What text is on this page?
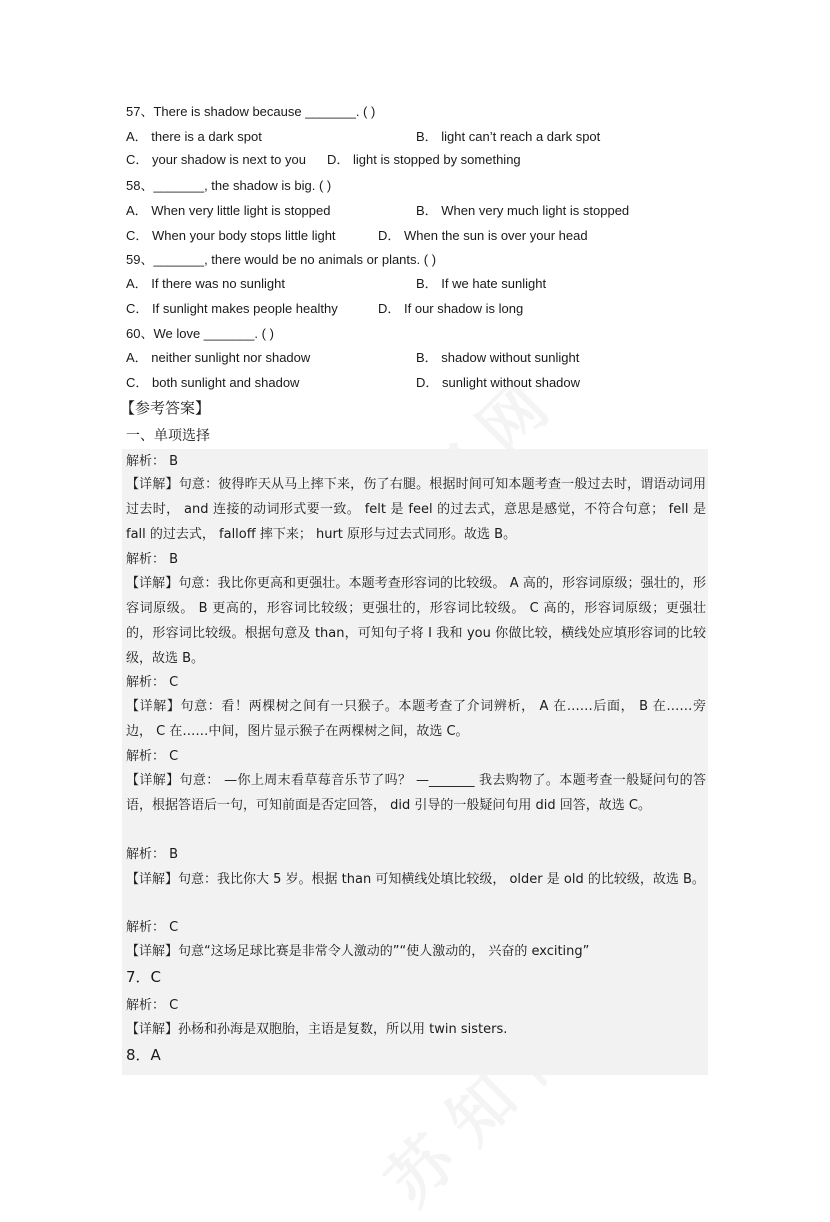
57、There is shadow because _______. ( )
A． there is a dark spot	B． light can’t reach a dark spot
C． your shadow is next to you D． light is stopped by something
58、_______, the shadow is big. ( )
A． When very little light is stopped	B． When very much light is stopped
C． When your body stops little light	D． When the sun is over your head
59、_______, there would be no animals or plants. ( )
A． If there was no sunlight	B． If we hate sunlight
C． If sunlight makes people healthy	D． If our shadow is long
60、We love _______. ( )
A． neither sunlight nor shadow	B． shadow without sunlight
C． both sunlight and shadow	D． sunlight without shadow
【参考答案】
一、单项选择
解析： B
【详解】句意：彼得昨天从马上摔下来，伤了右腿。根据时间可知本题考查一般过去时，谓语动词用过去时， and 连接的动词形式要一致。 felt 是 feel 的过去式，意思是感觉，不符合句意； fell 是 fall 的过去式， falloff 摔下来； hurt 原形与过去式同形。故选 B。
解析： B
【详解】句意：我比你更高和更强壮。本题考查形容词的比较级。 A 高的，形容词原级；强壮的，形容词原级。 B 更高的，形容词比较级；更强壮的，形容词比较级。 C 高的，形容词原级；更强壮的，形容词比较级。根据句意及 than，可知句子将 I 我和 you 你做比较，横线处应填形容词的比较级，故选 B。
解析： C
【详解】句意：看！两棵树之间有一只猴子。本题考查了介词辨析， A 在……后面， B 在……旁边， C 在……中间，图片显示猴子在两棵树之间，故选 C。
解析： C
【详解】句意： —你上周末看草莓音乐节了吗？ —_______ 我去购物了。本题考查一般疑问句的答语，根据答语后一句，可知前面是否定回答， did 引导的一般疑问句用 did 回答，故选 C。
解析： B
【详解】句意：我比你大 5 岁。根据 than 可知横线处填比较级， older 是 old 的比较级，故选 B。
解析： C
【详解】句意“这场足球比赛是非常令人激动的”“使人激动的， 兴奋的 exciting”
7．C
解析： C
【详解】孙杨和孙海是双胞胎，主语是复数，所以用 twin sisters.
8．A
